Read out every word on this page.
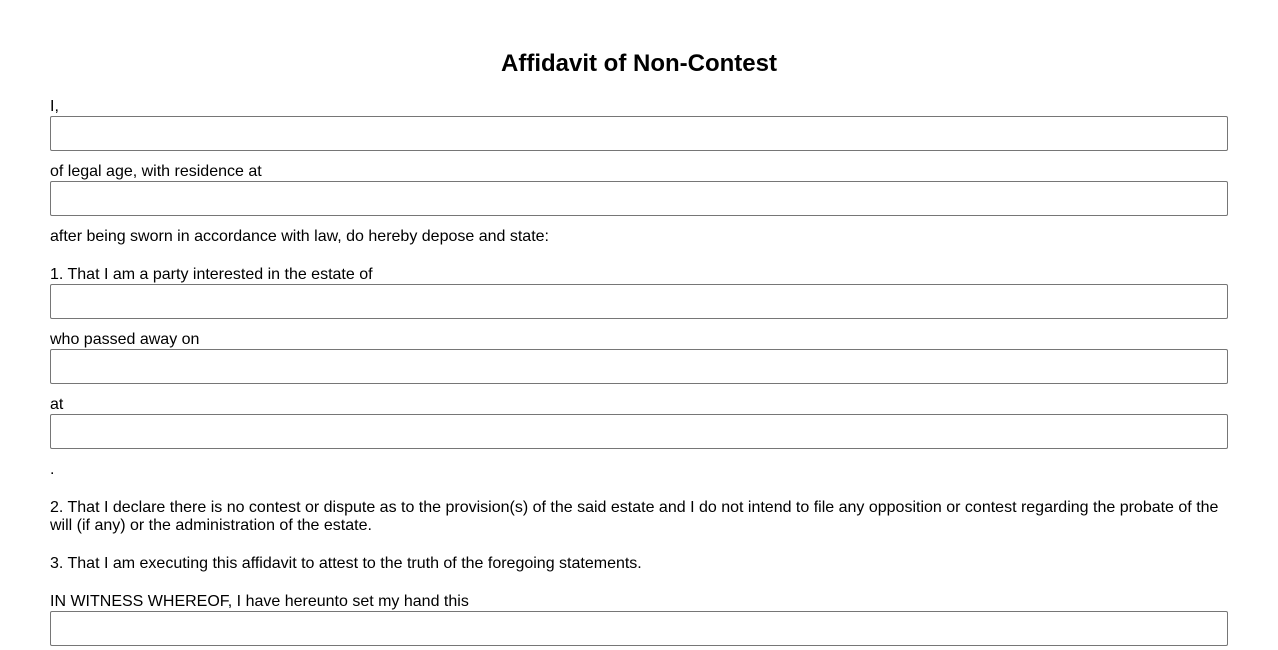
Affidavit of Non-Contest

I,

of legal age, with residence at

after being sworn in accordance with law, do hereby depose and state:

1. That I am a party interested in the estate of

who passed away on

at

.

2. That I declare there is no contest or dispute as to the provision(s) of the said estate and I do not intend to file any opposition or contest regarding the probate of the will (if any) or the administration of the estate.

3. That I am executing this affidavit to attest to the truth of the foregoing statements.

IN WITNESS WHEREOF, I have hereunto set my hand this
